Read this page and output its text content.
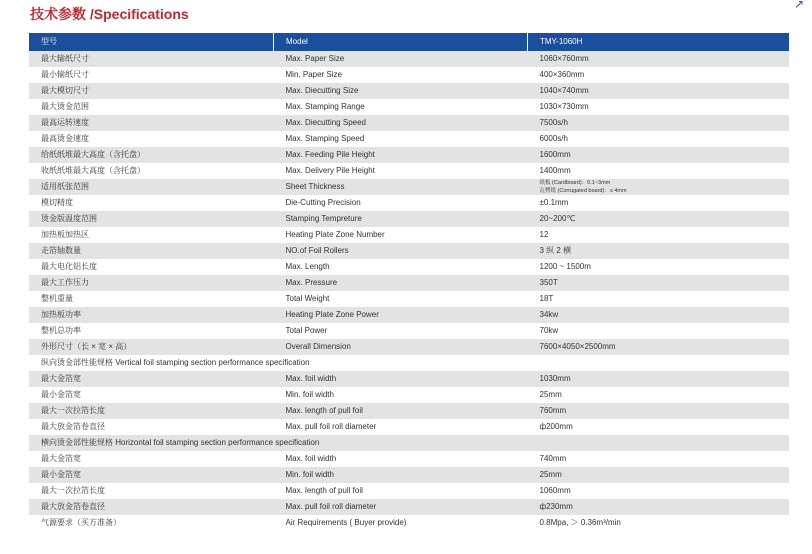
技术参数 /Specifications
↗
型号	Model	TMY-1060H
最大输纸尺寸	Max. Paper Size	1060×760mm
最小输纸尺寸	Min. Paper Size	400×360mm
最大模切尺寸	Max. Diecutting Size	1040×740mm
最大烫金范围	Max. Stamping Range	1030×730mm
最高运转速度	Max. Diecutting Speed	7500s/h
最高烫金速度	Max. Stamping Speed	6000s/h
给纸纸堆最大高度（含托盘）	Max. Feeding Pile Height	1600mm
收纸纸堆最大高度（含托盘）	Max. Delivery Pile Height	1400mm
适用纸张范围	Sheet Thickness	纸板 (Cardboard)：0.1~3mm
瓦楞纸 (Corrugated board)：≤ 4mm

模切精度	Die-Cutting Precision	±0.1mm
烫金版温度范围	Stamping Tempreture	20~200℃
加热板加热区	Heating Plate Zone Number	12
走箔轴数量	NO.of Foil Rollers	3 纵 2 横
最大电化铝长度	Max. Length	1200 ~ 1500m
最大工作压力	Max. Pressure	350T
整机重量	Total Weight	18T
加热板功率	Heating Plate Zone Power	34kw
整机总功率	Total Power	70kw
外形尺寸（长 × 宽 × 高）	Overall Dimension	7600×4050×2500mm
纵向烫金部性能规格 Vertical foil stamping section performance specification		
最大金箔宽	Max. foil width	1030mm
最小金箔宽	Min. foil width	25mm
最大一次拉箔长度	Max. length of pull foil	760mm
最大放金箔卷直径	Max. pull foil roll diameter	ф200mm
横向烫金部性能规格 Horizontal foil stamping section performance specification		
最大金箔宽	Max. foil width	740mm
最小金箔宽	Min. foil width	25mm
最大一次拉箔长度	Max. length of pull foil	1060mm
最大放金箔卷直径	Max. pull foil roll diameter	ф230mm
气源要求（买方准备）	Air Requirements ( Buyer provide)	0.8Mpa, ＞ 0.36m³/min
